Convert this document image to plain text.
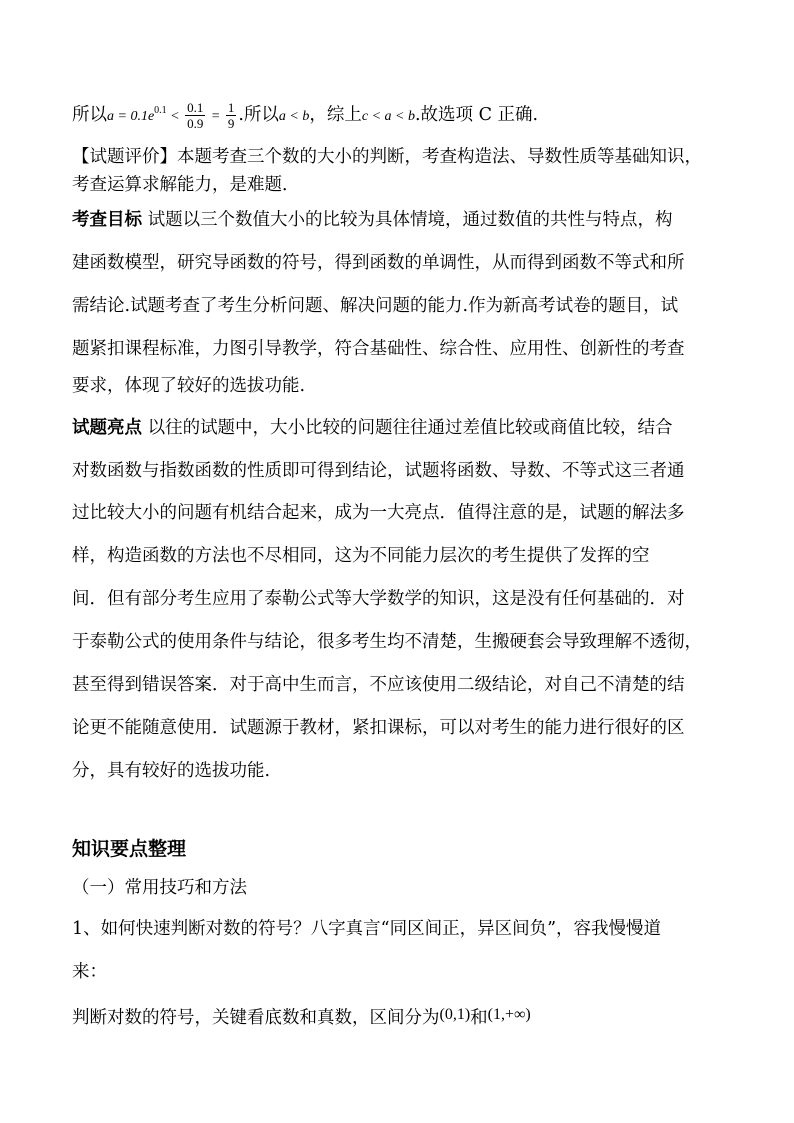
所以$a = 0.1e^{0.1} < \frac{0.1}{0.9} = \frac{1}{9}$ .所以a < b，综上c < a < b.故选项 C 正确.
【试题评价】本题考查三个数的大小的判断，考查构造法、导数性质等基础知识，
考查运算求解能力，是难题．
考查目标 试题以三个数值大小的比较为具体情境，通过数值的共性与特点，构
建函数模型，研究导函数的符号，得到函数的单调性，从而得到函数不等式和所
需结论.试题考查了考生分析问题、解决问题的能力.作为新高考试卷的题目，试
题紧扣课程标准，力图引导教学，符合基础性、综合性、应用性、创新性的考查
要求，体现了较好的选拔功能.
试题亮点 以往的试题中，大小比较的问题往往通过差值比较或商值比较，结合
对数函数与指数函数的性质即可得到结论，试题将函数、导数、不等式这三者通
过比较大小的问题有机结合起来，成为一大亮点．值得注意的是，试题的解法多
样，构造函数的方法也不尽相同，这为不同能力层次的考生提供了发挥的空
间．但有部分考生应用了泰勒公式等大学数学的知识，这是没有任何基础的．对
于泰勒公式的使用条件与结论，很多考生均不清楚，生搬硬套会导致理解不透彻，
甚至得到错误答案．对于高中生而言，不应该使用二级结论，对自己不清楚的结
论更不能随意使用．试题源于教材，紧扣课标，可以对考生的能力进行很好的区
分，具有较好的选拔功能.
知识要点整理
（一）常用技巧和方法
1、如何快速判断对数的符号？八字真言“同区间正，异区间负”，容我慢慢道
来：
判断对数的符号，关键看底数和真数，区间分为(0,1)和(1,+∞)
